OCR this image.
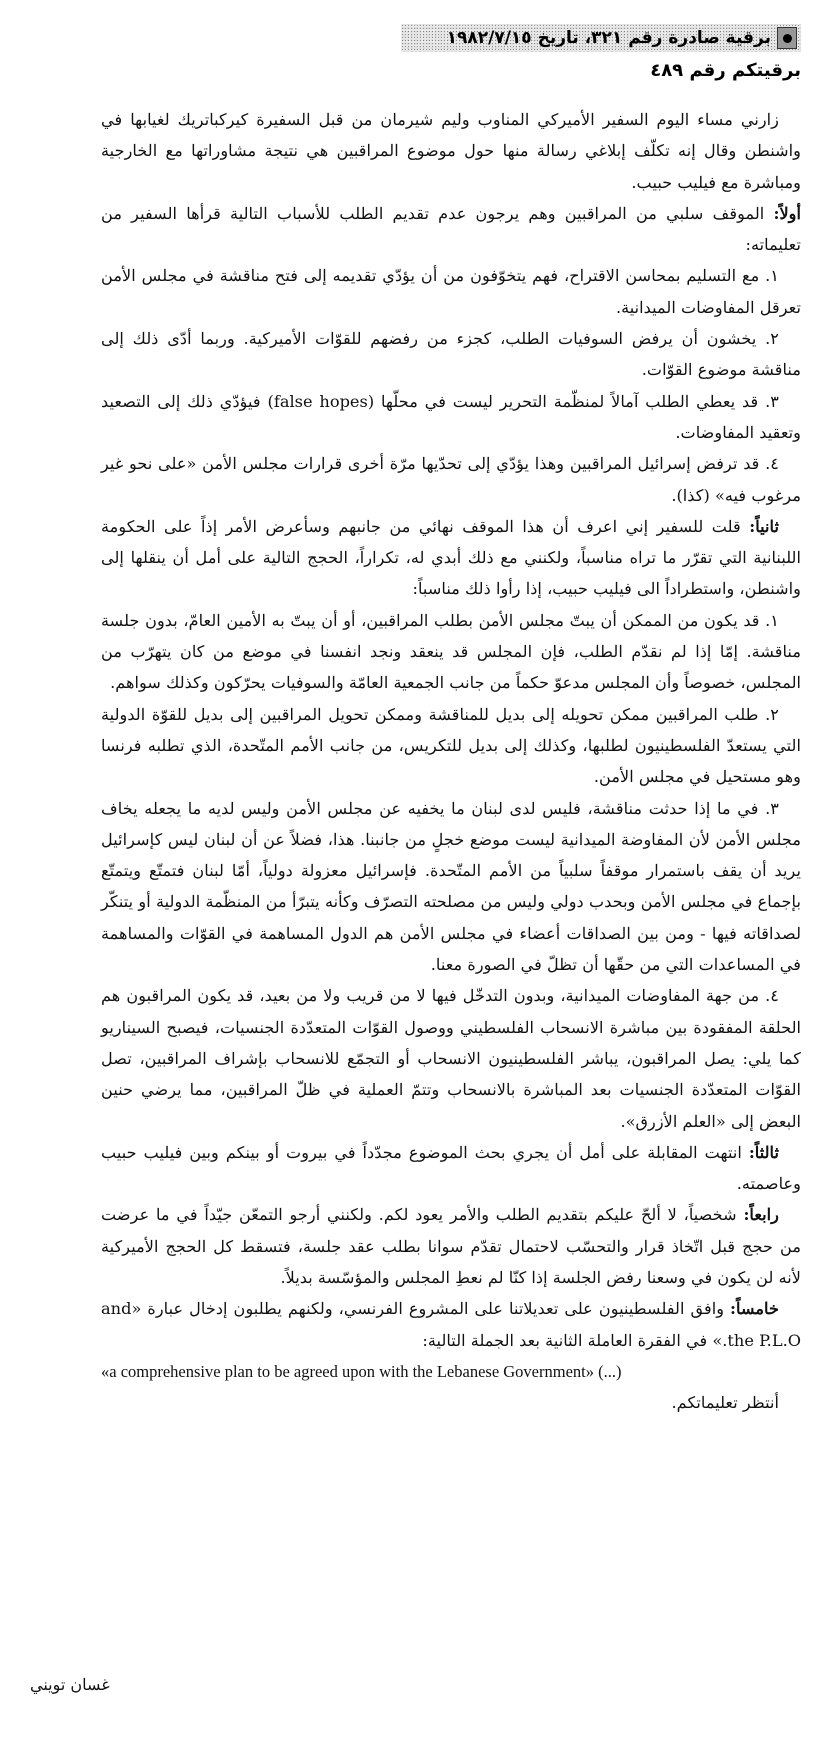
برقية صادرة رقم ٣٢١، تاريخ ١٩٨٢/٧/١٥
برقيتكم رقم ٤٨٩

زارني مساء اليوم السفير الأميركي المناوب وليم شيرمان من قبل السفيرة كيركباتريك لغيابها في واشنطن وقال إنه تكلّف إبلاغي رسالة منها حول موضوع المراقبين هي نتيجة مشاوراتها مع الخارجية ومباشرة مع فيليب حبيب.

أولاً: الموقف سلبي من المراقبين وهم يرجون عدم تقديم الطلب للأسباب التالية قرأها السفير من تعليماته:

١. مع التسليم بمحاسن الاقتراح، فهم يتخوّفون من أن يؤدّي تقديمه إلى فتح مناقشة في مجلس الأمن تعرقل المفاوضات الميدانية.

٢. يخشون أن يرفض السوفيات الطلب، كجزء من رفضهم للقوّات الأميركية. وربما أدّى ذلك إلى مناقشة موضوع القوّات.

٣. قد يعطي الطلب آمالاً لمنظّمة التحرير ليست في محلّها (false hopes) فيؤدّي ذلك إلى التصعيد وتعقيد المفاوضات.

٤. قد ترفض إسرائيل المراقبين وهذا يؤدّي إلى تحدّيها مرّة أخرى قرارات مجلس الأمن «على نحو غير مرغوب فيه» (كذا).

ثانياً: قلت للسفير إني اعرف أن هذا الموقف نهائي من جانبهم وسأعرض الأمر إذاً على الحكومة اللبنانية التي تقرّر ما تراه مناسباً، ولكنني مع ذلك أبدي له، تكراراً، الحجج التالية على أمل أن ينقلها إلى واشنطن، واستطراداً الى فيليب حبيب، إذا رأوا ذلك مناسباً:

١. قد يكون من الممكن أن يبتّ مجلس الأمن بطلب المراقبين، أو أن يبتّ به الأمين العامّ، بدون جلسة مناقشة. إمّا إذا لم نقدّم الطلب، فإن المجلس قد ينعقد ونجد انفسنا في موضع من كان يتهرّب من المجلس، خصوصاً وأن المجلس مدعوّ حكماً من جانب الجمعية العامّة والسوفيات يحرّكون وكذلك سواهم.

٢. طلب المراقبين ممكن تحويله إلى بديل للمناقشة وممكن تحويل المراقبين إلى بديل للقوّة الدولية التي يستعدّ الفلسطينيون لطلبها، وكذلك إلى بديل للتكريس، من جانب الأمم المتّحدة، الذي تطلبه فرنسا وهو مستحيل في مجلس الأمن.

٣. في ما إذا حدثت مناقشة، فليس لدى لبنان ما يخفيه عن مجلس الأمن وليس لديه ما يجعله يخاف مجلس الأمن لأن المفاوضة الميدانية ليست موضع خجلٍ من جانبنا. هذا، فضلاً عن أن لبنان ليس كإسرائيل يريد أن يقف باستمرار موقفاً سلبياً من الأمم المتّحدة. فإسرائيل معزولة دولياً، أمّا لبنان فتمتّع ويتمتّع بإجماع في مجلس الأمن وبحدب دولي وليس من مصلحته التصرّف وكأنه يتبرّأ من المنظّمة الدولية أو يتنكّر لصداقاته فيها - ومن بين الصداقات أعضاء في مجلس الأمن هم الدول المساهمة في القوّات والمساهمة في المساعدات التي من حقّها أن تظلّ في الصورة معنا.

٤. من جهة المفاوضات الميدانية، وبدون التدخّل فيها لا من قريب ولا من بعيد، قد يكون المراقبون هم الحلقة المفقودة بين مباشرة الانسحاب الفلسطيني ووصول القوّات المتعدّدة الجنسيات، فيصبح السيناريو كما يلي: يصل المراقبون، يباشر الفلسطينيون الانسحاب أو التجمّع للانسحاب بإشراف المراقبين، تصل القوّات المتعدّدة الجنسيات بعد المباشرة بالانسحاب وتتمّ العملية في ظلّ المراقبين، مما يرضي حنين البعض إلى «العلم الأزرق».

ثالثاً: انتهت المقابلة على أمل أن يجري بحث الموضوع مجدّداً في بيروت أو بينكم وبين فيليب حبيب وعاصمته.

رابعاً: شخصياً، لا ألحّ عليكم بتقديم الطلب والأمر يعود لكم. ولكنني أرجو التمعّن جيّداً في ما عرضت من حجج قبل اتّخاذ قرار والتحسّب لاحتمال تقدّم سوانا بطلب عقد جلسة، فتسقط كل الحجج الأميركية لأنه لن يكون في وسعنا رفض الجلسة إذا كنّا لم نعطِ المجلس والمؤسّسة بديلاً.

خامساً: وافق الفلسطينيون على تعديلاتنا على المشروع الفرنسي، ولكنهم يطلبون إدخال عبارة «and the P.L.O.» في الفقرة العاملة الثانية بعد الجملة التالية:

«a comprehensive plan to be agreed upon with the Lebanese Government» (...)

أنتظر تعليماتكم.

غسان تويني
